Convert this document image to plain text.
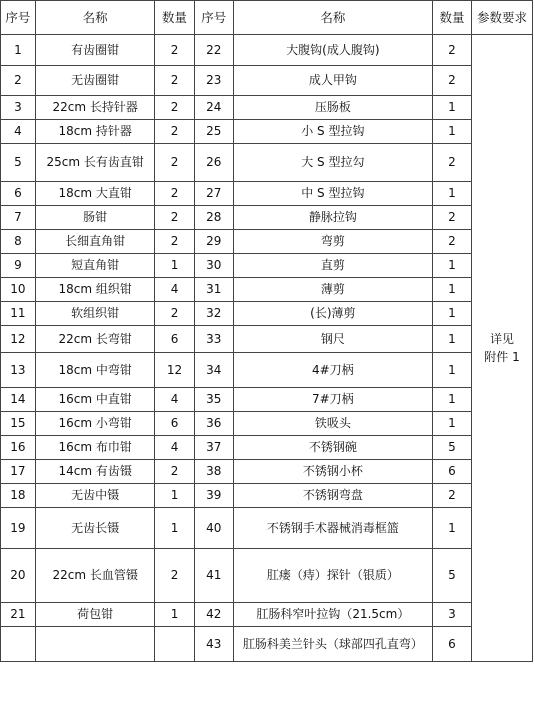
序号	名称	数量	序号	名称	数量	参数要求
1	有齿圈钳	2	22	大腹钩(成人腹钩)	2	详见附件 1
2	无齿圈钳	2	23	成人甲钩	2	
3	22cm 长持针器	2	24	压肠板	1	
4	18cm 持针器	2	25	小 S 型拉钩	1	
5	25cm 长有齿直钳	2	26	大 S 型拉勾	2	
6	18cm 大直钳	2	27	中 S 型拉钩	1	
7	肠钳	2	28	静脉拉钩	2	
8	长细直角钳	2	29	弯剪	2	
9	短直角钳	1	30	直剪	1	
10	18cm 组织钳	4	31	薄剪	1	
11	软组织钳	2	32	(长)薄剪	1	
12	22cm 长弯钳	6	33	钢尺	1	
13	18cm 中弯钳	12	34	4#刀柄	1	
14	16cm 中直钳	4	35	7#刀柄	1	
15	16cm 小弯钳	6	36	铁吸头	1	
16	16cm 布巾钳	4	37	不锈钢碗	5	
17	14cm 有齿镊	2	38	不锈钢小杯	6	
18	无齿中镊	1	39	不锈钢弯盘	2	
19	无齿长镊	1	40	不锈钢手术器械消毒框篮	1	
20	22cm 长血管镊	2	41	肛瘘（痔）探针（银质）	5	
21	荷包钳	1	42	肛肠科窄叶拉钩（21.5cm）	3	
			43	肛肠科美兰针头（球部四孔直弯）	6	
